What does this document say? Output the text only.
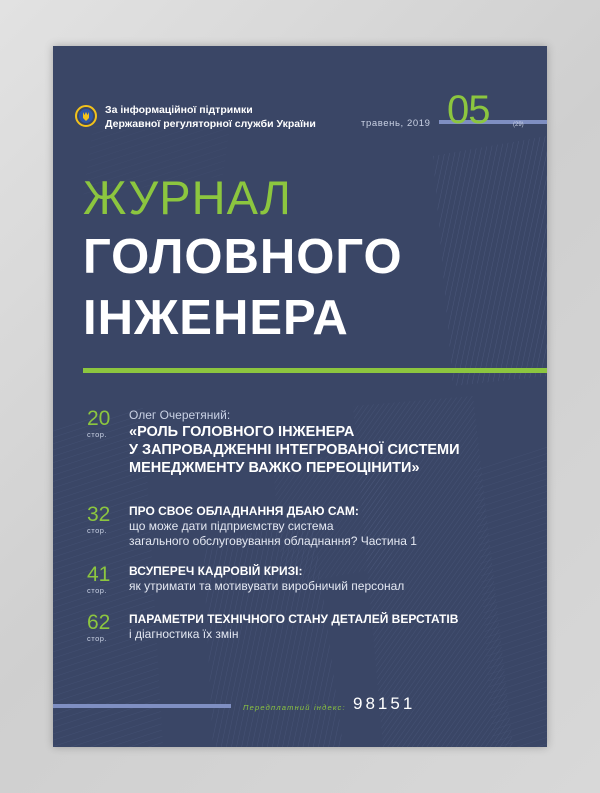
За інформаційної підтримки
Державної регуляторної служби України	травень, 2019 05	(29)
ЖУРНАЛ
ГОЛОВНОГО
ІНЖЕНЕРА
20
стор.
Олег Очеретяний:
«РОЛЬ ГОЛОВНОГО ІНЖЕНЕРА
У ЗАПРОВАДЖЕННІ ІНТЕГРОВАНОЇ СИСТЕМИ
МЕНЕДЖМЕНТУ ВАЖКО ПЕРЕОЦІНИТИ»
32
стор.
ПРО СВОЄ ОБЛАДНАННЯ ДБАЮ САМ:
що може дати підприємству система
загального обслуговування обладнання? Частина 1
41
стор.
ВСУПЕРЕЧ КАДРОВІЙ КРИЗІ:
як утримати та мотивувати виробничий персонал
62
стор.
ПАРАМЕТРИ ТЕХНІЧНОГО СТАНУ ДЕТАЛЕЙ ВЕРСТАТІВ
і діагностика їх змін
Передплатний індекс: 98151
